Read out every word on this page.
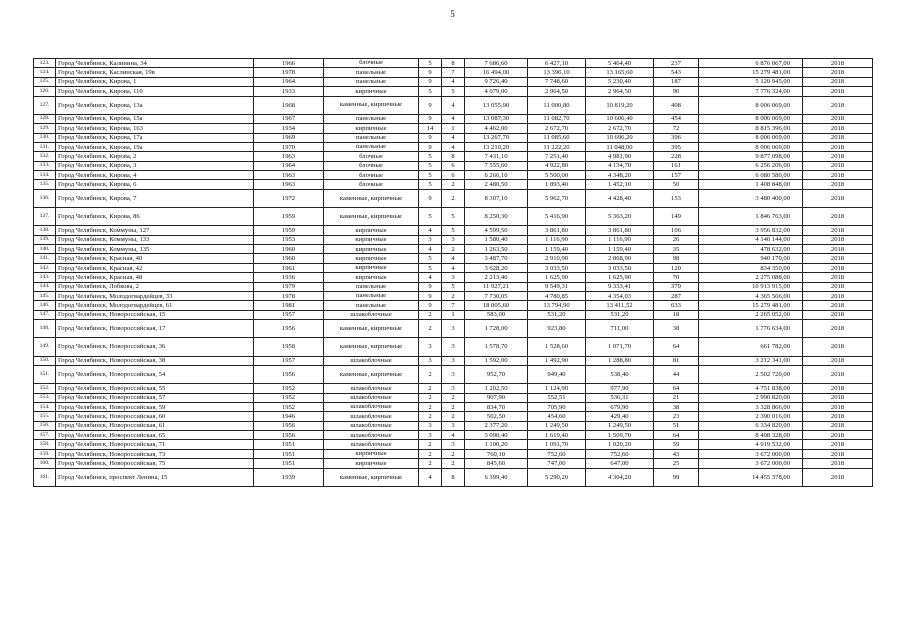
5
123.	Город Челябинск, Калинина, 34	1966	блочные	5	8	7 686,60	6 427,10	5 464,40	237	6 876 067,00	2018
124.	Город Челябинск, Каслинская, 19в	1978	панельные	9	7	16 494,00	13 396,10	13 165,60	543	15 279 481,00	2018
125.	Город Челябинск, Кирова, 1	1964	панельные	9	4	9 726,40	7 748,60	5 230,40	187	5 120 945,00	2018
126.	Город Челябинск, Кирова, 110	1933	кирпичные	5	5	4 079,00	2 964,50	2 964,50	90	7 776 324,00	2018
127.	Город Челябинск, Кирова, 13а	1968	каменные, кирпичные	9	4	13 055,90	11 000,80	10 819,20	408	8 006 069,00	2018
128.	Город Челябинск, Кирова, 15а	1967	панельные	9	4	13 087,30	11 082,70	10 606,40	454	8 006 069,00	2018
129.	Город Челябинск, Кирова, 163	1934	кирпичные	14	1	4 462,00	2 672,70	2 672,70	72	8 815 396,00	2018
130.	Город Челябинск, Кирова, 17а	1969	панельные	9	4	13 267,70	11 085,60	10 696,20	396	8 006 069,00	2018
131.	Город Челябинск, Кирова, 19а	1970	панельные	9	4	13 210,20	11 222,20	11 048,00	395	8 006 069,00	2018
132.	Город Челябинск, Кирова, 2	1963	блочные	5	8	7 431,10	7 251,40	4 981,90	228	9 877 098,00	2018
133.	Город Челябинск, Кирова, 3	1964	блочные	5	6	7 555,60	4 922,80	4 134,70	161	6 256 206,00	2018
134.	Город Челябинск, Кирова, 4	1963	блочные	5	6	6 266,10	5 500,00	4 348,20	157	6 080 580,00	2018
135.	Город Челябинск, Кирова, 6	1963	блочные	5	2	2 480,50	1 893,40	1 452,10	50	1 408 848,00	2018
136.	Город Челябинск, Кирова, 7	1972	каменные, кирпичные	9	2	8 307,10	5 962,70	4 428,40	153	3 480 400,00	2018
137.	Город Челябинск, Кирова, 86	1959	каменные, кирпичные	5	5	8 250,30	5 416,90	5 363,20	149	1 846 763,00	2018
138.	Город Челябинск, Коммуны, 127	1959	кирпичные	4	5	4 599,50	3 861,80	3 861,80	106	3 956 832,00	2018
139.	Город Челябинск, Коммуны, 133	1953	кирпичные	3	3	1 580,40	1 116,90	1 116,90	26	4 140 144,00	2018
140.	Город Челябинск, Коммуны, 135	1960	кирпичные	4	2	1 263,50	1 159,40	1 159,40	35	478 632,00	2018
141.	Город Челябинск, Красная, 40	1960	кирпичные	5	4	3 487,70	2 910,90	2 868,90	98	940 170,00	2018
142.	Город Челябинск, Красная, 42	1961	кирпичные	5	4	3 628,20	3 033,50	3 033,50	120	834 350,00	2018
143.	Город Челябинск, Красная, 48	1936	кирпичные	4	3	2 213,40	1 625,90	1 625,90	70	2 275 088,00	2018
144.	Город Челябинск, Лобкова, 2	1979	панельные	9	5	11 927,21	9 549,31	9 333,41	379	10 913 915,00	2018
145.	Город Челябинск, Молодогвардейцев, 33	1978	панельные	9	2	7 730,05	4 780,85	4 354,03	287	4 365 566,00	2018
146.	Город Челябинск, Молодогвардейцев, 61	1981	панельные	9	7	18 005,60	13 794,90	13 411,52	633	15 279 481,00	2018
147.	Город Челябинск, Новороссийская, 15	1957	шлакоблочные	2	1	583,00	531,20	531,20	18	2 265 052,00	2018
148.	Город Челябинск, Новороссийская, 17	1956	каменные, кирпичные	2	3	1 728,00	923,80	711,00	38	1 776 634,00	2018
149.	Город Челябинск, Новороссийская, 36	1958	каменные, кирпичные	3	3	1 578,70	1 528,60	1 071,70	64	661 782,00	2018
150.	Город Челябинск, Новороссийская, 38	1957	шлакоблочные	3	3	1 592,00	1 492,90	1 288,80	81	3 212 341,00	2018
151.	Город Челябинск, Новороссийская, 54	1956	каменные, кирпичные	2	3	952,70	949,40	538,40	44	2 502 720,00	2018
152.	Город Челябинск, Новороссийская, 55	1952	шлакоблочные	2	3	1 202,50	1 124,90	977,90	64	4 751 838,00	2018
153.	Город Челябинск, Новороссийская, 57	1952	шлакоблочные	2	2	907,90	552,51	536,31	21	2 990 820,00	2018
154.	Город Челябинск, Новороссийская, 59	1952	шлакоблочные	2	2	834,70	705,90	679,90	38	3 328 866,00	2018
155.	Город Челябинск, Новороссийская, 60	1946	шлакоблочные	2	2	502,50	454,60	429,40	23	2 390 016,00	2018
156.	Город Челябинск, Новороссийская, 61	1956	шлакоблочные	3	3	2 377,20	1 249,50	1 249,50	51	6 334 820,00	2018
157.	Город Челябинск, Новороссийская, 65	1956	шлакоблочные	3	4	3 090,40	1 619,40	1 509,70	64	8 408 328,00	2018
158.	Город Челябинск, Новороссийская, 71	1951	шлакоблочные	2	3	1 100,20	1 091,70	1 020,20	59	4 919 532,00	2018
159.	Город Челябинск, Новороссийская, 73	1951	кирпичные	2	2	760,10	752,60	752,60	43	3 672 000,00	2018
160.	Город Челябинск, Новороссийская, 75	1951	кирпичные	2	2	845,60	747,00	647,00	25	3 672 000,00	2018
161.	Город Челябинск, проспект Ленина, 15	1939	каменные, кирпичные	4	8	6 399,40	5 290,20	4 304,20	99	14 455 378,00	2018
